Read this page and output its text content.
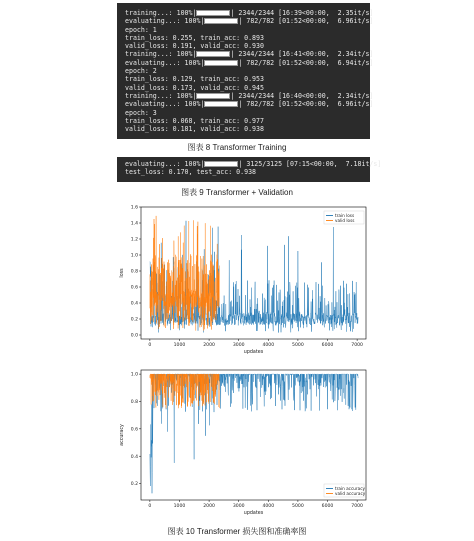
training...: 100%|	| 2344/2344 [16:39<00:00,  2.35it/s]
evaluating...: 100%|	| 782/782 [01:52<00:00,  6.96it/s]
epoch: 1
train_loss: 0.255, train_acc: 0.893
valid_loss: 0.191, valid_acc: 0.930
training...: 100%|	| 2344/2344 [16:41<00:00,  2.34it/s]
evaluating...: 100%|	| 782/782 [01:52<00:00,  6.94it/s]
epoch: 2
train_loss: 0.129, train_acc: 0.953
valid_loss: 0.173, valid_acc: 0.945
training...: 100%|	| 2344/2344 [16:40<00:00,  2.34it/s]
evaluating...: 100%|	| 782/782 [01:52<00:00,  6.96it/s]
epoch: 3
train_loss: 0.068, train_acc: 0.977
valid_loss: 0.181, valid_acc: 0.938
图表 8 Transformer Training
evaluating...: 100%|	| 3125/3125 [07:15<00:00,  7.18it/s]
test_loss: 0.170, test_acc: 0.938
图表 9 Transformer + Validation
0	1000	2000	3000	4000	5000	6000	7000
0.0
0.2
0.4
0.6
0.8
1.0
1.2
1.4
1.6
updates
loss
train loss
valid loss
0	1000	2000	3000	4000	5000	6000	7000
0.2
0.4
0.6
0.8
1.0
updates
accuracy
train accuracy
valid accuracy
图表 10 Transformer 损失图和准确率图
